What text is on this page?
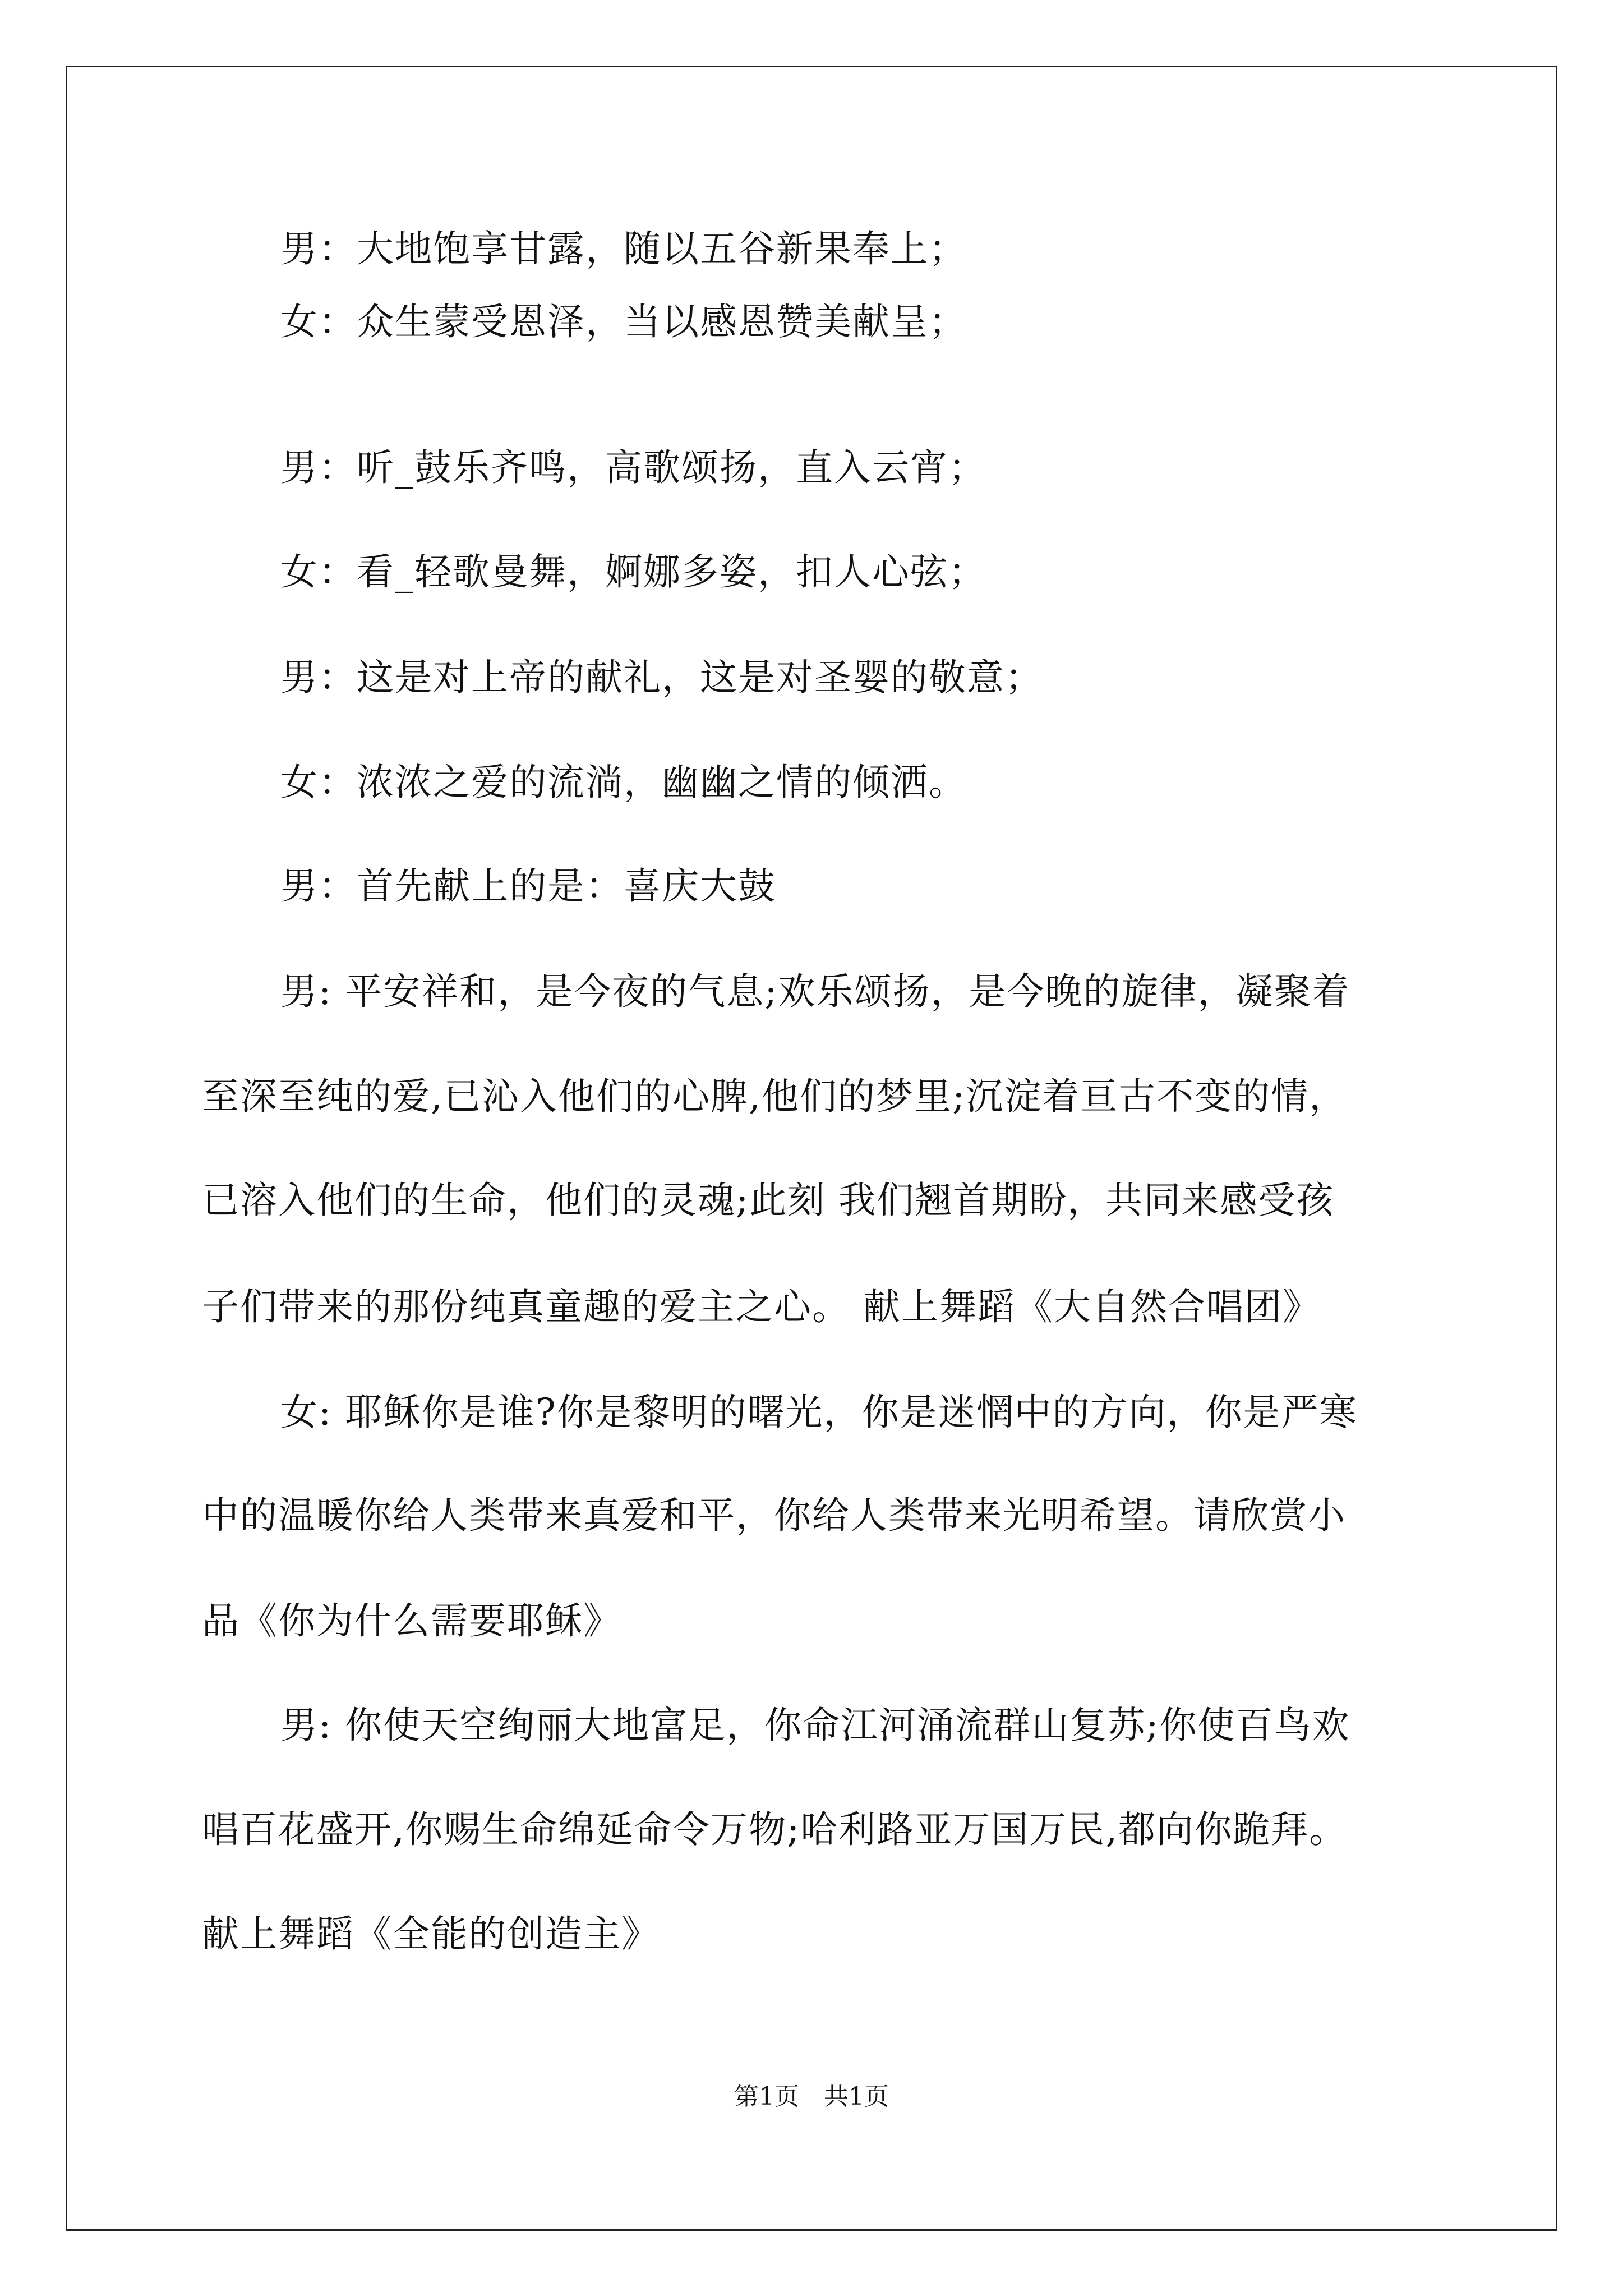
男：大地饱享甘露，随以五谷新果奉上；
女：众生蒙受恩泽，当以感恩赞美献呈；
男：听_鼓乐齐鸣，高歌颂扬，直入云宵；
女：看_轻歌曼舞，婀娜多姿，扣人心弦；
男：这是对上帝的献礼，这是对圣婴的敬意；
女：浓浓之爱的流淌，幽幽之情的倾洒。
男：首先献上的是：喜庆大鼓
男: 平安祥和，是今夜的气息;欢乐颂扬，是今晚的旋律，凝聚着
至深至纯的爱,已沁入他们的心脾,他们的梦里;沉淀着亘古不变的情，
已溶入他们的生命，他们的灵魂;此刻 我们翘首期盼，共同来感受孩
子们带来的那份纯真童趣的爱主之心。 献上舞蹈《大自然合唱团》
女: 耶稣你是谁?你是黎明的曙光，你是迷惘中的方向，你是严寒
中的温暖你给人类带来真爱和平，你给人类带来光明希望。请欣赏小
品《你为什么需要耶稣》
男: 你使天空绚丽大地富足，你命江河涌流群山复苏;你使百鸟欢
唱百花盛开,你赐生命绵延命令万物;哈利路亚万国万民,都向你跪拜。
献上舞蹈《全能的创造主》
第1页　共1页
